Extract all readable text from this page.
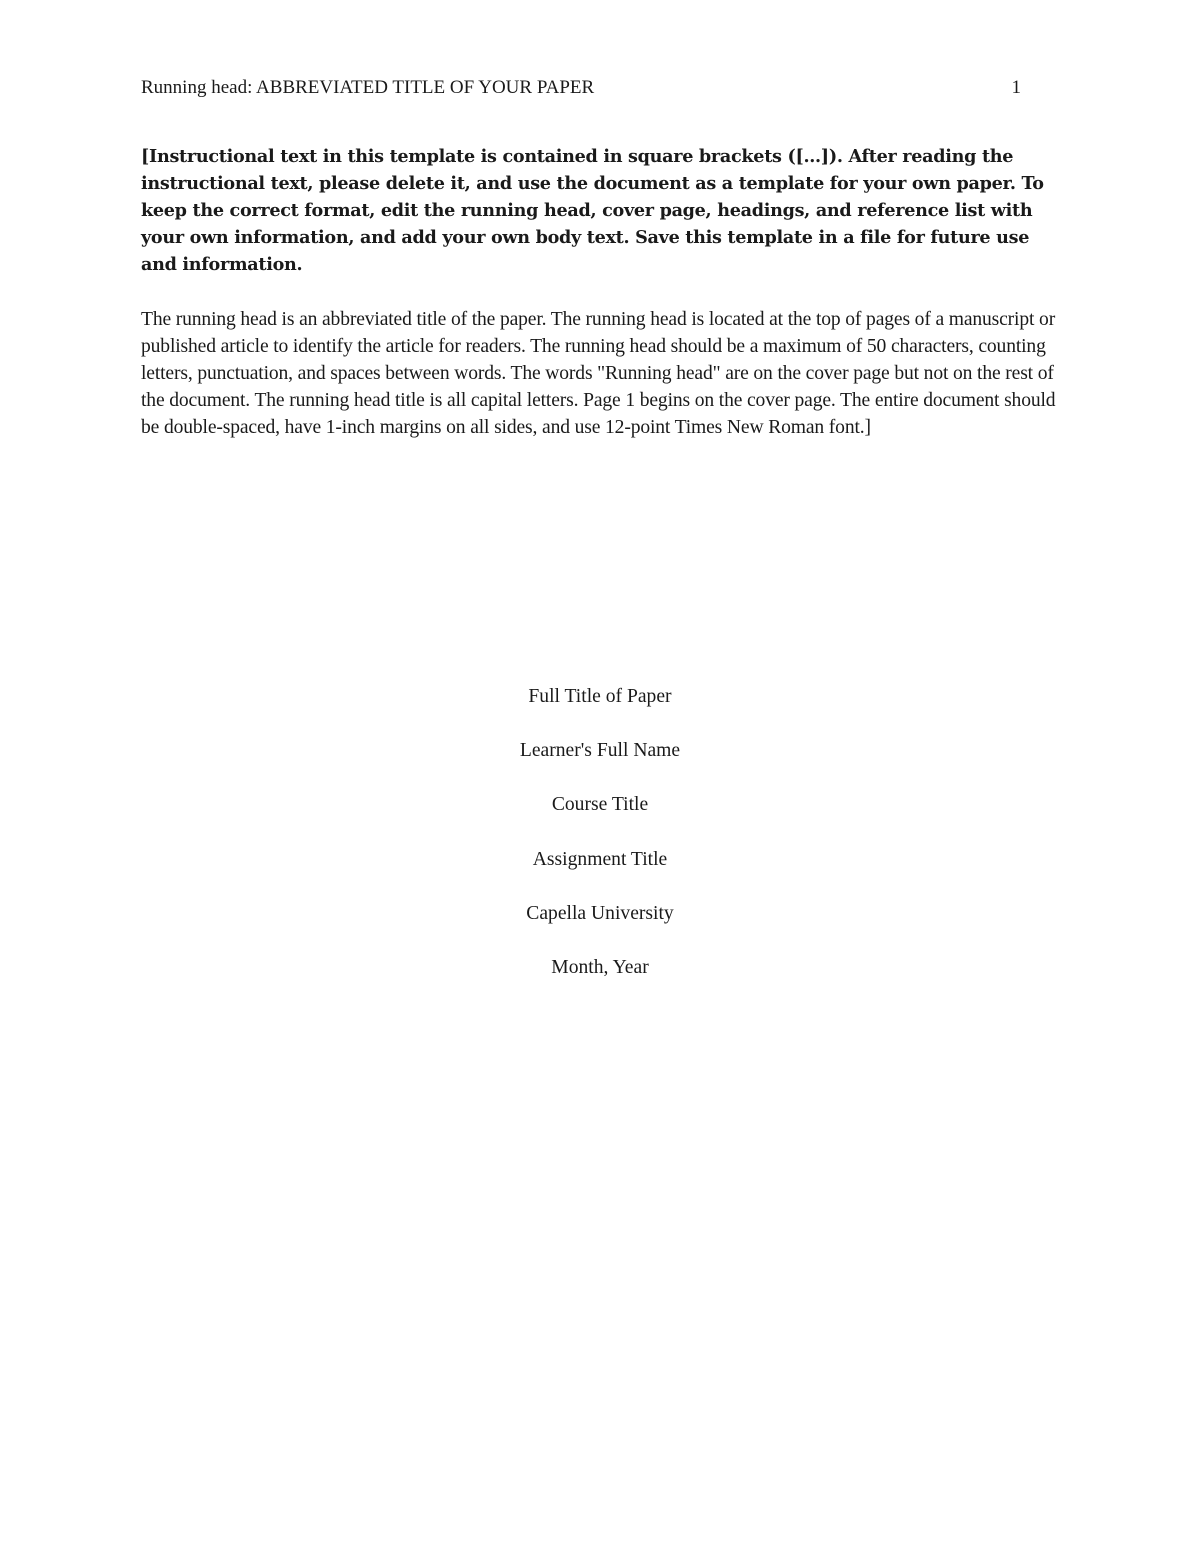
Running head: ABBREVIATED TITLE OF YOUR PAPER	1

[Instructional text in this template is contained in square brackets ([…]). After reading the instructional text, please delete it, and use the document as a template for your own paper. To keep the correct format, edit the running head, cover page, headings, and reference list with your own information, and add your own body text. Save this template in a file for future use and information.

The running head is an abbreviated title of the paper. The running head is located at the top of pages of a manuscript or published article to identify the article for readers. The running head should be a maximum of 50 characters, counting letters, punctuation, and spaces between words. The words "Running head" are on the cover page but not on the rest of the document. The running head title is all capital letters. Page 1 begins on the cover page. The entire document should be double-spaced, have 1-inch margins on all sides, and use 12-point Times New Roman font.]

Full Title of Paper
Learner's Full Name
Course Title
Assignment Title
Capella University
Month, Year
